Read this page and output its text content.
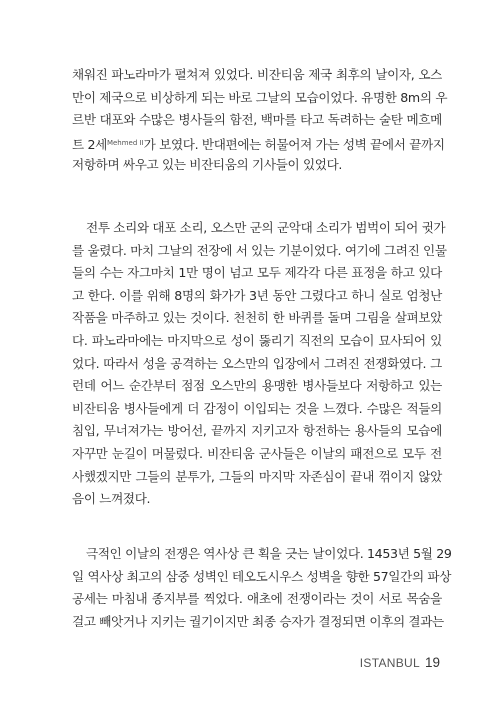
채워진 파노라마가 펼쳐져 있었다. 비잔티움 제국 최후의 날이자, 오스
만이 제국으로 비상하게 되는 바로 그날의 모습이었다. 유명한 8m의 우
르반 대포와 수많은 병사들의 함전, 백마를 타고 독려하는 술탄 메흐메
트 2세$^{Mehmed II}$가 보였다. 반대편에는 허물어져 가는 성벽 끝에서 끝까지
저항하며 싸우고 있는 비잔티움의 기사들이 있었다.
전투 소리와 대포 소리, 오스만 군의 군악대 소리가 범벅이 되어 귓가
를 울렸다. 마치 그날의 전장에 서 있는 기분이었다. 여기에 그려진 인물
들의 수는 자그마치 1만 명이 넘고 모두 제각각 다른 표정을 하고 있다
고 한다. 이를 위해 8명의 화가가 3년 동안 그렸다고 하니 실로 엄청난
작품을 마주하고 있는 것이다. 천천히 한 바퀴를 돌며 그림을 살펴보았
다. 파노라마에는 마지막으로 성이 뚫리기 직전의 모습이 묘사되어 있
었다. 따라서 성을 공격하는 오스만의 입장에서 그려진 전쟁화였다. 그
런데 어느 순간부터 점점 오스만의 용맹한 병사들보다 저항하고 있는
비잔티움 병사들에게 더 감정이 이입되는 것을 느꼈다. 수많은 적들의
침입, 무너져가는 방어선, 끝까지 지키고자 항전하는 용사들의 모습에
자꾸만 눈길이 머물렀다. 비잔티움 군사들은 이날의 패전으로 모두 전
사했겠지만 그들의 분투가, 그들의 마지막 자존심이 끝내 꺾이지 않았
음이 느껴졌다.
극적인 이날의 전쟁은 역사상 큰 획을 긋는 날이었다. 1453년 5월 29
일 역사상 최고의 삼중 성벽인 테오도시우스 성벽을 향한 57일간의 파상
공세는 마침내 종지부를 찍었다. 애초에 전쟁이라는 것이 서로 목숨을
걸고 빼앗거나 지키는 궐기이지만 최종 승자가 결정되면 이후의 결과는
ISTANBUL 19
